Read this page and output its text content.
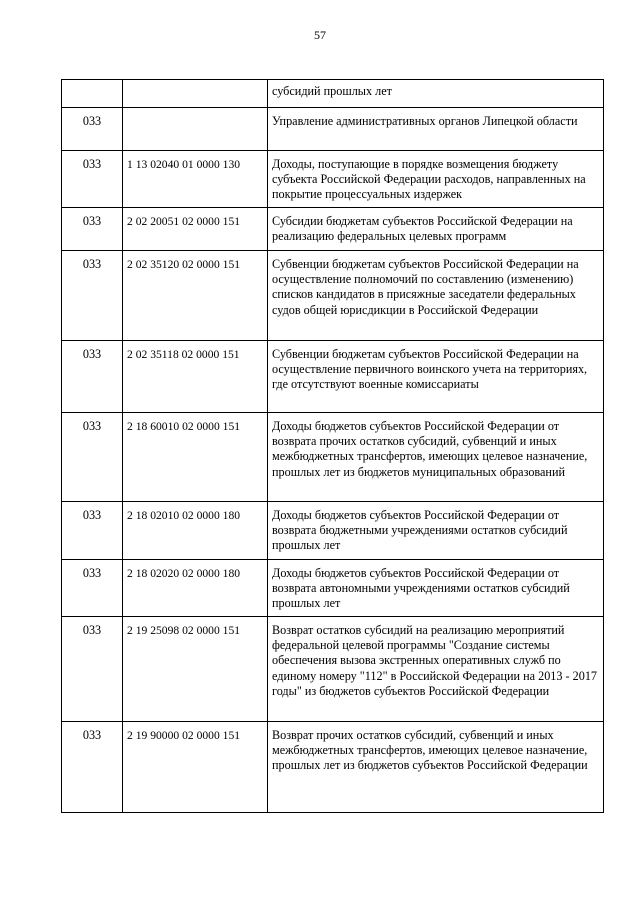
57
		субсидий прошлых лет
033		Управление административных органов Липецкой области
033	1 13 02040 01 0000 130	Доходы, поступающие в порядке возмещения бюджету субъекта Российской Федерации расходов, направленных на покрытие процессуальных издержек
033	2 02 20051 02 0000 151	Субсидии бюджетам субъектов Российской Федерации на реализацию федеральных целевых программ
033	2 02 35120 02 0000 151	Субвенции бюджетам субъектов Российской Федерации на осуществление полномочий по составлению (изменению) списков кандидатов в присяжные заседатели федеральных судов общей юрисдикции в Российской Федерации
033	2 02 35118 02 0000 151	Субвенции бюджетам субъектов Российской Федерации на осуществление первичного воинского учета на территориях, где отсутствуют военные комиссариаты
033	2 18 60010 02 0000 151	Доходы бюджетов субъектов Российской Федерации от возврата прочих остатков субсидий, субвенций и иных межбюджетных трансфертов, имеющих целевое назначение, прошлых лет из бюджетов муниципальных образований
033	2 18 02010 02 0000 180	Доходы бюджетов субъектов Российской Федерации от возврата бюджетными учреждениями остатков субсидий прошлых лет
033	2 18 02020 02 0000 180	Доходы бюджетов субъектов Российской Федерации от возврата автономными учреждениями остатков субсидий прошлых лет
033	2 19 25098 02 0000 151	Возврат остатков субсидий на реализацию мероприятий федеральной целевой программы "Создание системы обеспечения вызова экстренных оперативных служб по единому номеру "112" в Российской Федерации на 2013 - 2017 годы" из бюджетов субъектов Российской Федерации
033	2 19 90000 02 0000 151	Возврат прочих остатков субсидий, субвенций и иных межбюджетных трансфертов, имеющих целевое назначение, прошлых лет из бюджетов субъектов Российской Федерации
